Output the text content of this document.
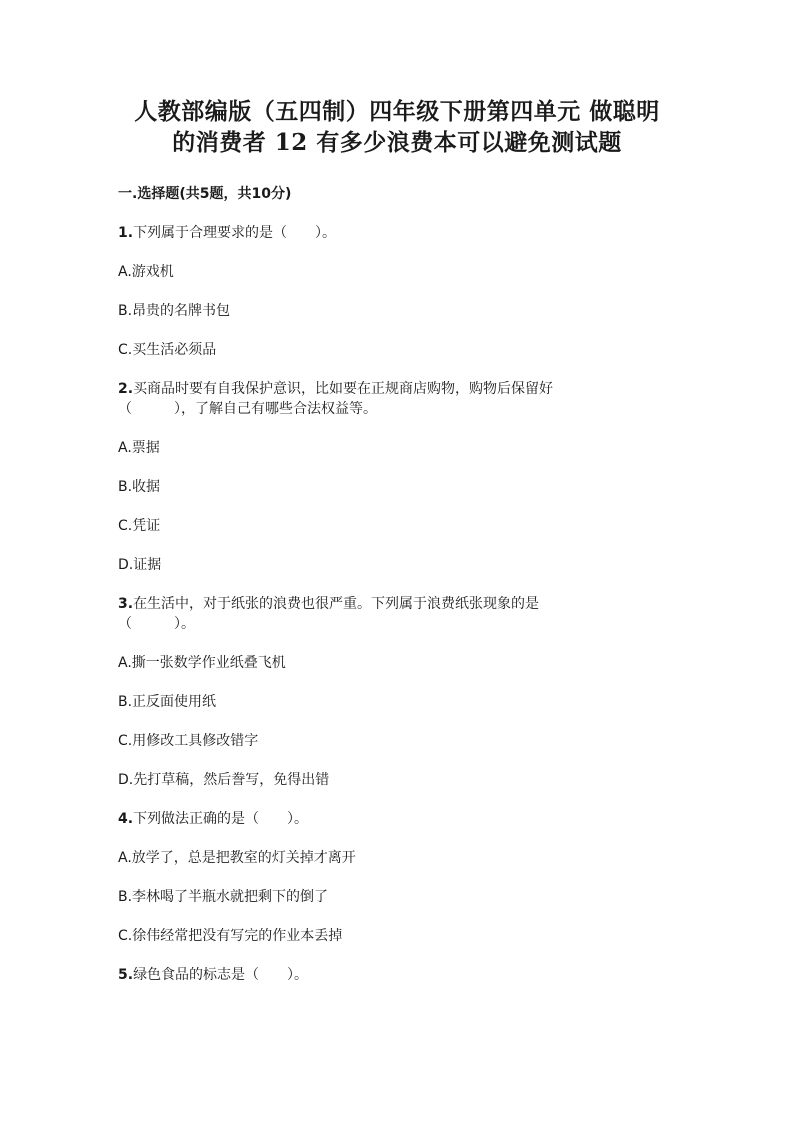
人教部编版（五四制）四年级下册第四单元 做聪明
的消费者 12 有多少浪费本可以避免测试题
一.选择题(共5题，共10分)
1.下列属于合理要求的是（　　）。
A.游戏机
B.昂贵的名牌书包
C.买生活必须品
2.买商品时要有自我保护意识，比如要在正规商店购物，购物后保留好
（　　　），了解自己有哪些合法权益等。
A.票据
B.收据
C.凭证
D.证据
3.在生活中，对于纸张的浪费也很严重。下列属于浪费纸张现象的是
（　　　）。
A.撕一张数学作业纸叠飞机
B.正反面使用纸
C.用修改工具修改错字
D.先打草稿，然后誊写，免得出错
4.下列做法正确的是（　　）。
A.放学了，总是把教室的灯关掉才离开
B.李林喝了半瓶水就把剩下的倒了
C.徐伟经常把没有写完的作业本丢掉
5.绿色食品的标志是（　　）。
